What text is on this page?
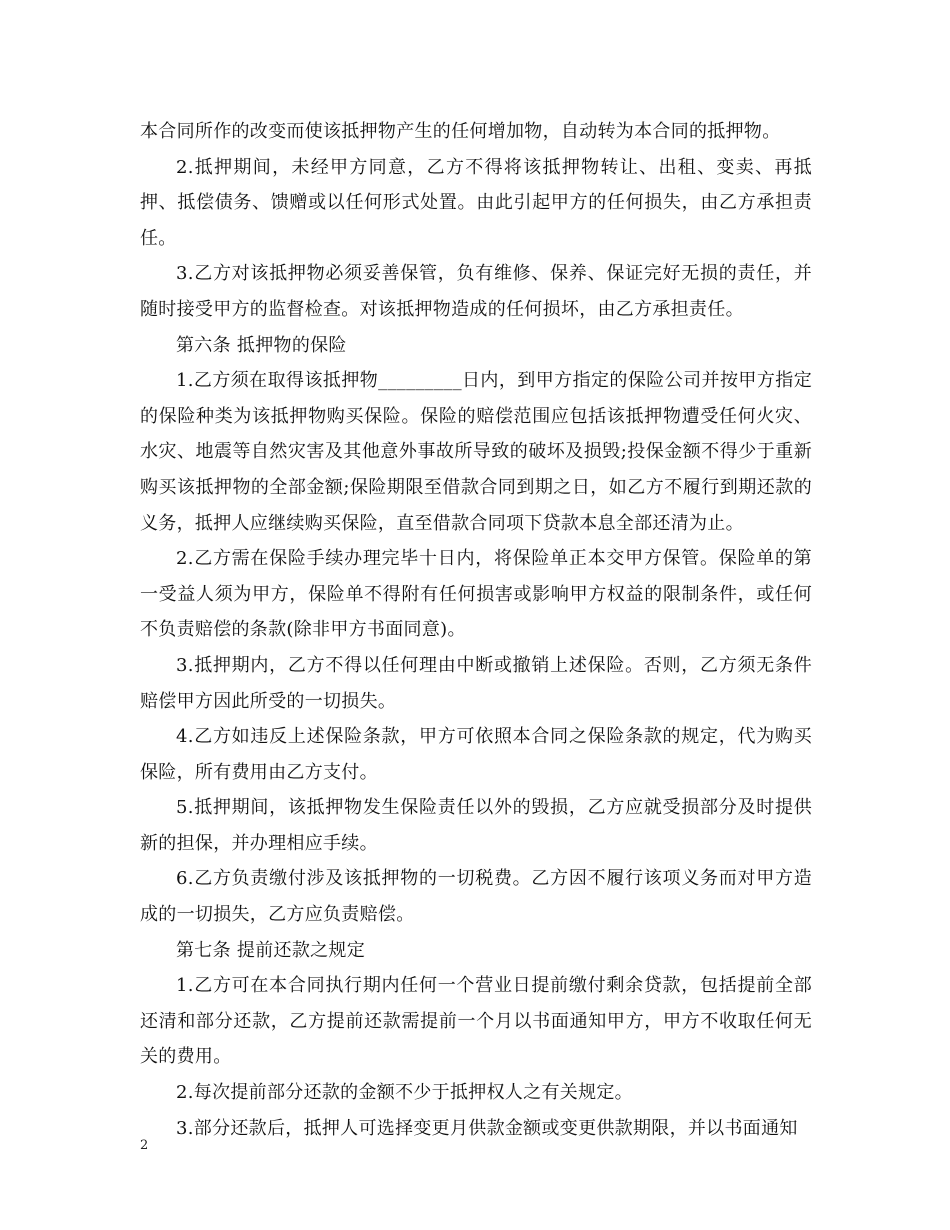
本合同所作的改变而使该抵押物产生的任何增加物，自动转为本合同的抵押物。

2.抵押期间，未经甲方同意，乙方不得将该抵押物转让、出租、变卖、再抵押、抵偿债务、馈赠或以任何形式处置。由此引起甲方的任何损失，由乙方承担责任。

3.乙方对该抵押物必须妥善保管，负有维修、保养、保证完好无损的责任，并随时接受甲方的监督检查。对该抵押物造成的任何损坏，由乙方承担责任。

第六条 抵押物的保险

1.乙方须在取得该抵押物_________日内，到甲方指定的保险公司并按甲方指定的保险种类为该抵押物购买保险。保险的赔偿范围应包括该抵押物遭受任何火灾、水灾、地震等自然灾害及其他意外事故所导致的破坏及损毁;投保金额不得少于重新购买该抵押物的全部金额;保险期限至借款合同到期之日，如乙方不履行到期还款的义务，抵押人应继续购买保险，直至借款合同项下贷款本息全部还清为止。

2.乙方需在保险手续办理完毕十日内，将保险单正本交甲方保管。保险单的第一受益人须为甲方，保险单不得附有任何损害或影响甲方权益的限制条件，或任何不负责赔偿的条款(除非甲方书面同意)。

3.抵押期内，乙方不得以任何理由中断或撤销上述保险。否则，乙方须无条件赔偿甲方因此所受的一切损失。

4.乙方如违反上述保险条款，甲方可依照本合同之保险条款的规定，代为购买保险，所有费用由乙方支付。

5.抵押期间，该抵押物发生保险责任以外的毁损，乙方应就受损部分及时提供新的担保，并办理相应手续。

6.乙方负责缴付涉及该抵押物的一切税费。乙方因不履行该项义务而对甲方造成的一切损失，乙方应负责赔偿。

第七条 提前还款之规定

1.乙方可在本合同执行期内任何一个营业日提前缴付剩余贷款，包括提前全部还清和部分还款，乙方提前还款需提前一个月以书面通知甲方，甲方不收取任何无关的费用。

2.每次提前部分还款的金额不少于抵押权人之有关规定。

3.部分还款后，抵押人可选择变更月供款金额或变更供款期限，并以书面通知

2
